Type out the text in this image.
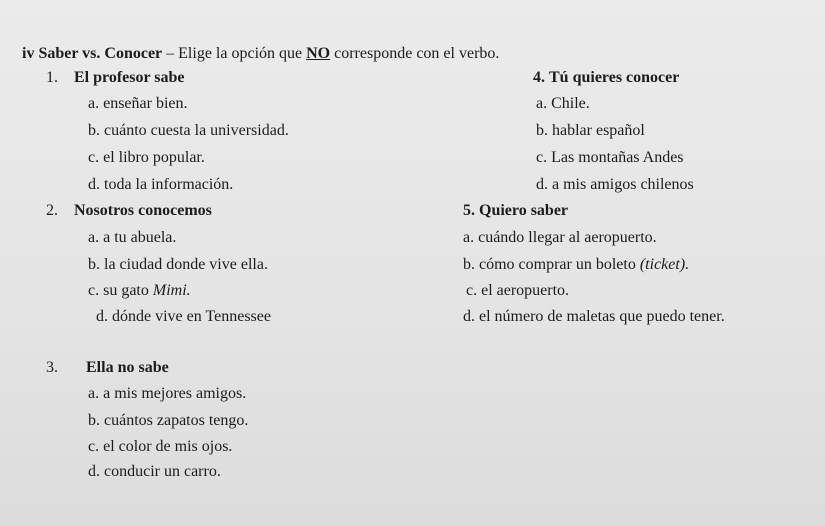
iv Saber vs. Conocer – Elige la opción que NO corresponde con el verbo.
1. El profesor sabe
a. enseñar bien.
b. cuánto cuesta la universidad.
c. el libro popular.
d. toda la información.
2. Nosotros conocemos
a. a tu abuela.
b. la ciudad donde vive ella.
c. su gato Mimi.
d. dónde vive en Tennessee
3. Ella no sabe
a. a mis mejores amigos.
b. cuántos zapatos tengo.
c. el color de mis ojos.
d. conducir un carro.
4. Tú quieres conocer
a. Chile.
b. hablar español
c. Las montañas Andes
d. a mis amigos chilenos
5. Quiero saber
a. cuándo llegar al aeropuerto.
b. cómo comprar un boleto (ticket).
c. el aeropuerto.
d. el número de maletas que puedo tener.
